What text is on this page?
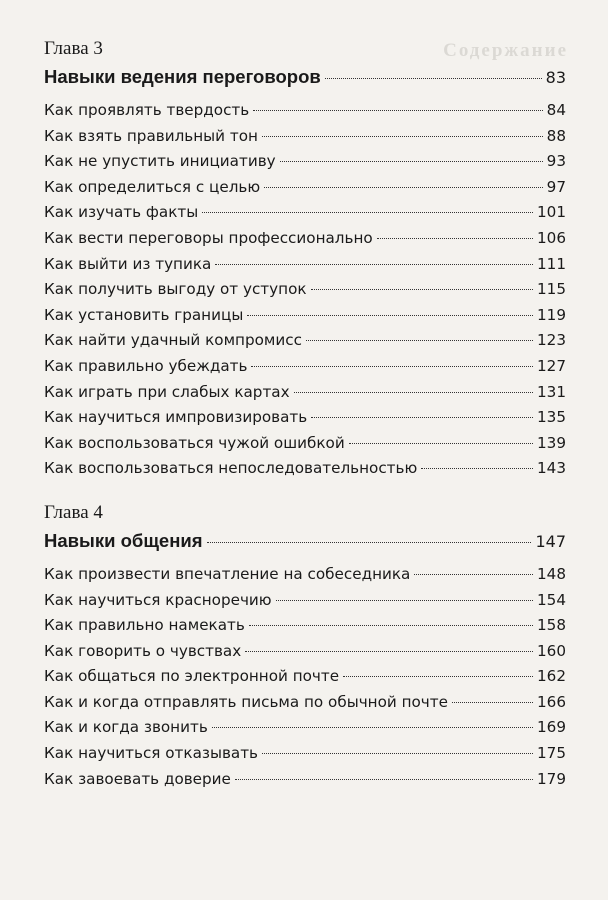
Содержание
Глава 3
Навыки ведения переговоров	83
Как проявлять твердость	84
Как взять правильный тон	88
Как не упустить инициативу	93
Как определиться с целью	97
Как изучать факты	101
Как вести переговоры профессионально	106
Как выйти из тупика	111
Как получить выгоду от уступок	115
Как установить границы	119
Как найти удачный компромисс	123
Как правильно убеждать	127
Как играть при слабых картах	131
Как научиться импровизировать	135
Как воспользоваться чужой ошибкой	139
Как воспользоваться непоследовательностью	143
Глава 4
Навыки общения	147
Как произвести впечатление на собеседника	148
Как научиться красноречию	154
Как правильно намекать	158
Как говорить о чувствах	160
Как общаться по электронной почте	162
Как и когда отправлять письма по обычной почте	166
Как и когда звонить	169
Как научиться отказывать	175
Как завоевать доверие	179
